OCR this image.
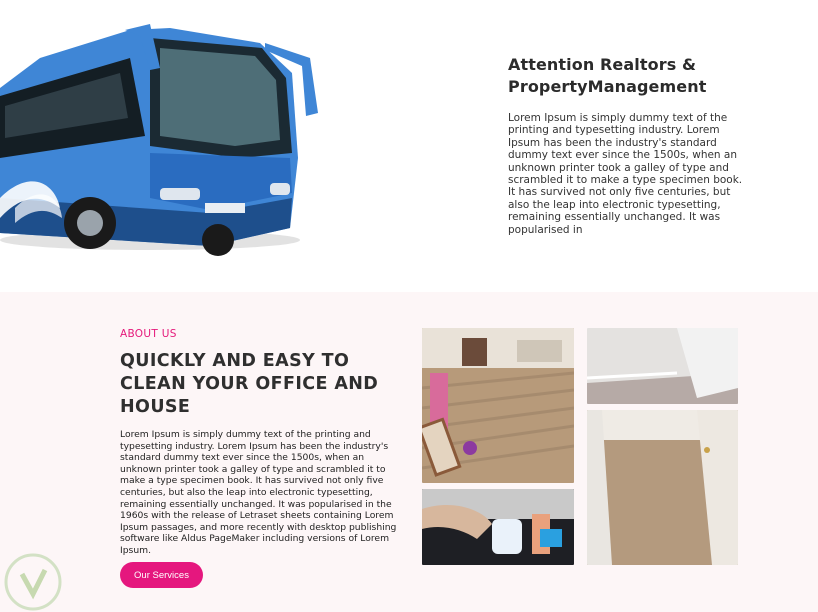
Attention Realtors & PropertyManagement

Lorem Ipsum is simply dummy text of the printing and typesetting industry. Lorem Ipsum has been the industry's standard dummy text ever since the 1500s, when an unknown printer took a galley of type and scrambled it to make a type specimen book. It has survived not only five centuries, but also the leap into electronic typesetting, remaining essentially unchanged. It was popularised in

ABOUT US
QUICKLY AND EASY TO CLEAN YOUR OFFICE AND HOUSE

Lorem Ipsum is simply dummy text of the printing and typesetting industry. Lorem Ipsum has been the industry's standard dummy text ever since the 1500s, when an unknown printer took a galley of type and scrambled it to make a type specimen book. It has survived not only five centuries, but also the leap into electronic typesetting, remaining essentially unchanged. It was popularised in the 1960s with the release of Letraset sheets containing Lorem Ipsum passages, and more recently with desktop publishing software like Aldus PageMaker including versions of Lorem Ipsum.

Our Services
